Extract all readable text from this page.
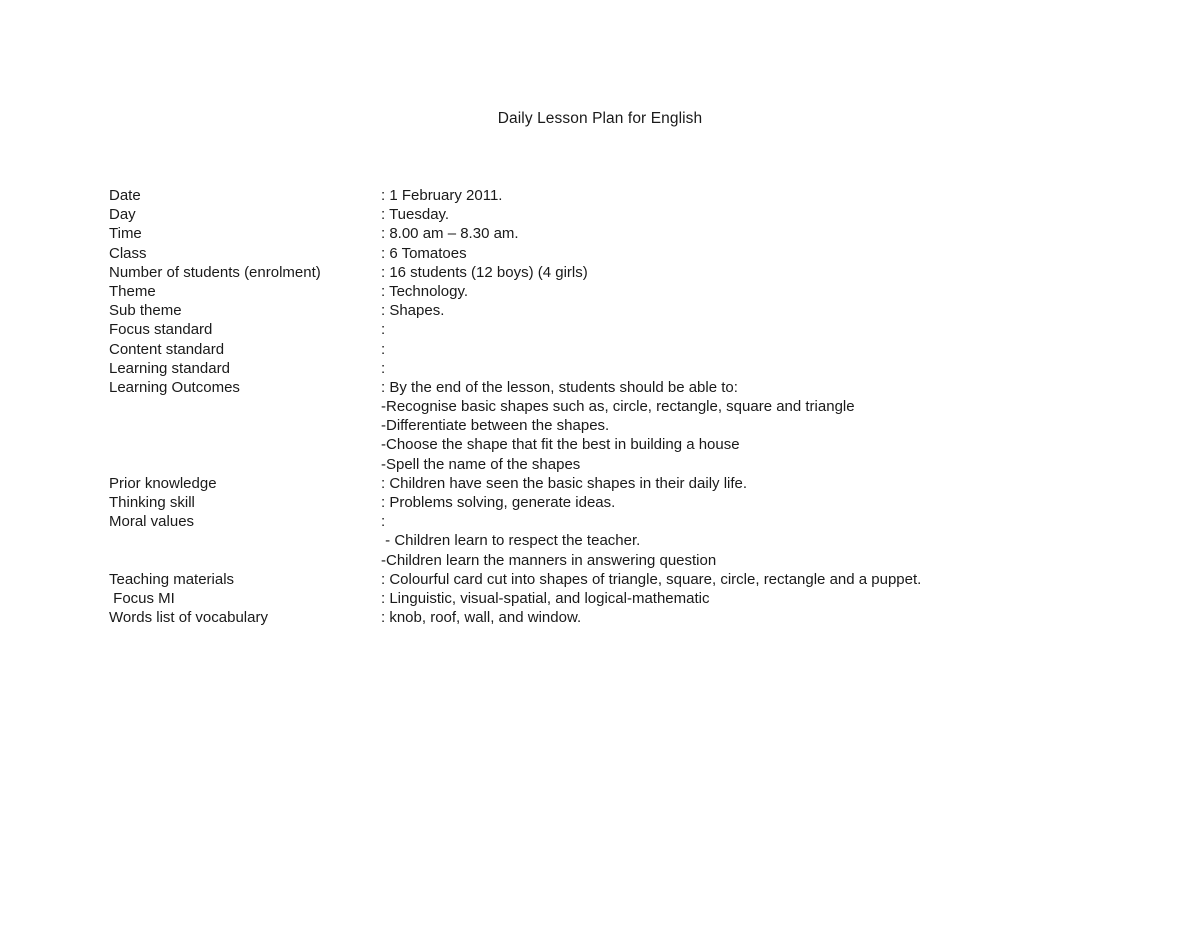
Daily Lesson Plan for English
Date	: 1 February 2011.
Day	: Tuesday.
Time	: 8.00 am – 8.30 am.
Class	: 6 Tomatoes
Number of students (enrolment)	: 16 students (12 boys) (4 girls)
Theme	: Technology.
Sub theme	: Shapes.
Focus standard	:
Content standard	:
Learning standard	:
Learning Outcomes	: By the end of the lesson, students should be able to:
-Recognise basic shapes such as, circle, rectangle, square and triangle
-Differentiate between the shapes.
-Choose the shape that fit the best in building a house
-Spell the name of the shapes
Prior knowledge	: Children have seen the basic shapes in their daily life.
Thinking skill	: Problems solving, generate ideas.
Moral values	:
- Children learn to respect the teacher.
-Children learn the manners in answering question
Teaching materials	: Colourful card cut into shapes of triangle, square, circle, rectangle and a puppet.
Focus MI	: Linguistic, visual-spatial, and logical-mathematic
Words list of vocabulary	: knob, roof, wall, and window.
